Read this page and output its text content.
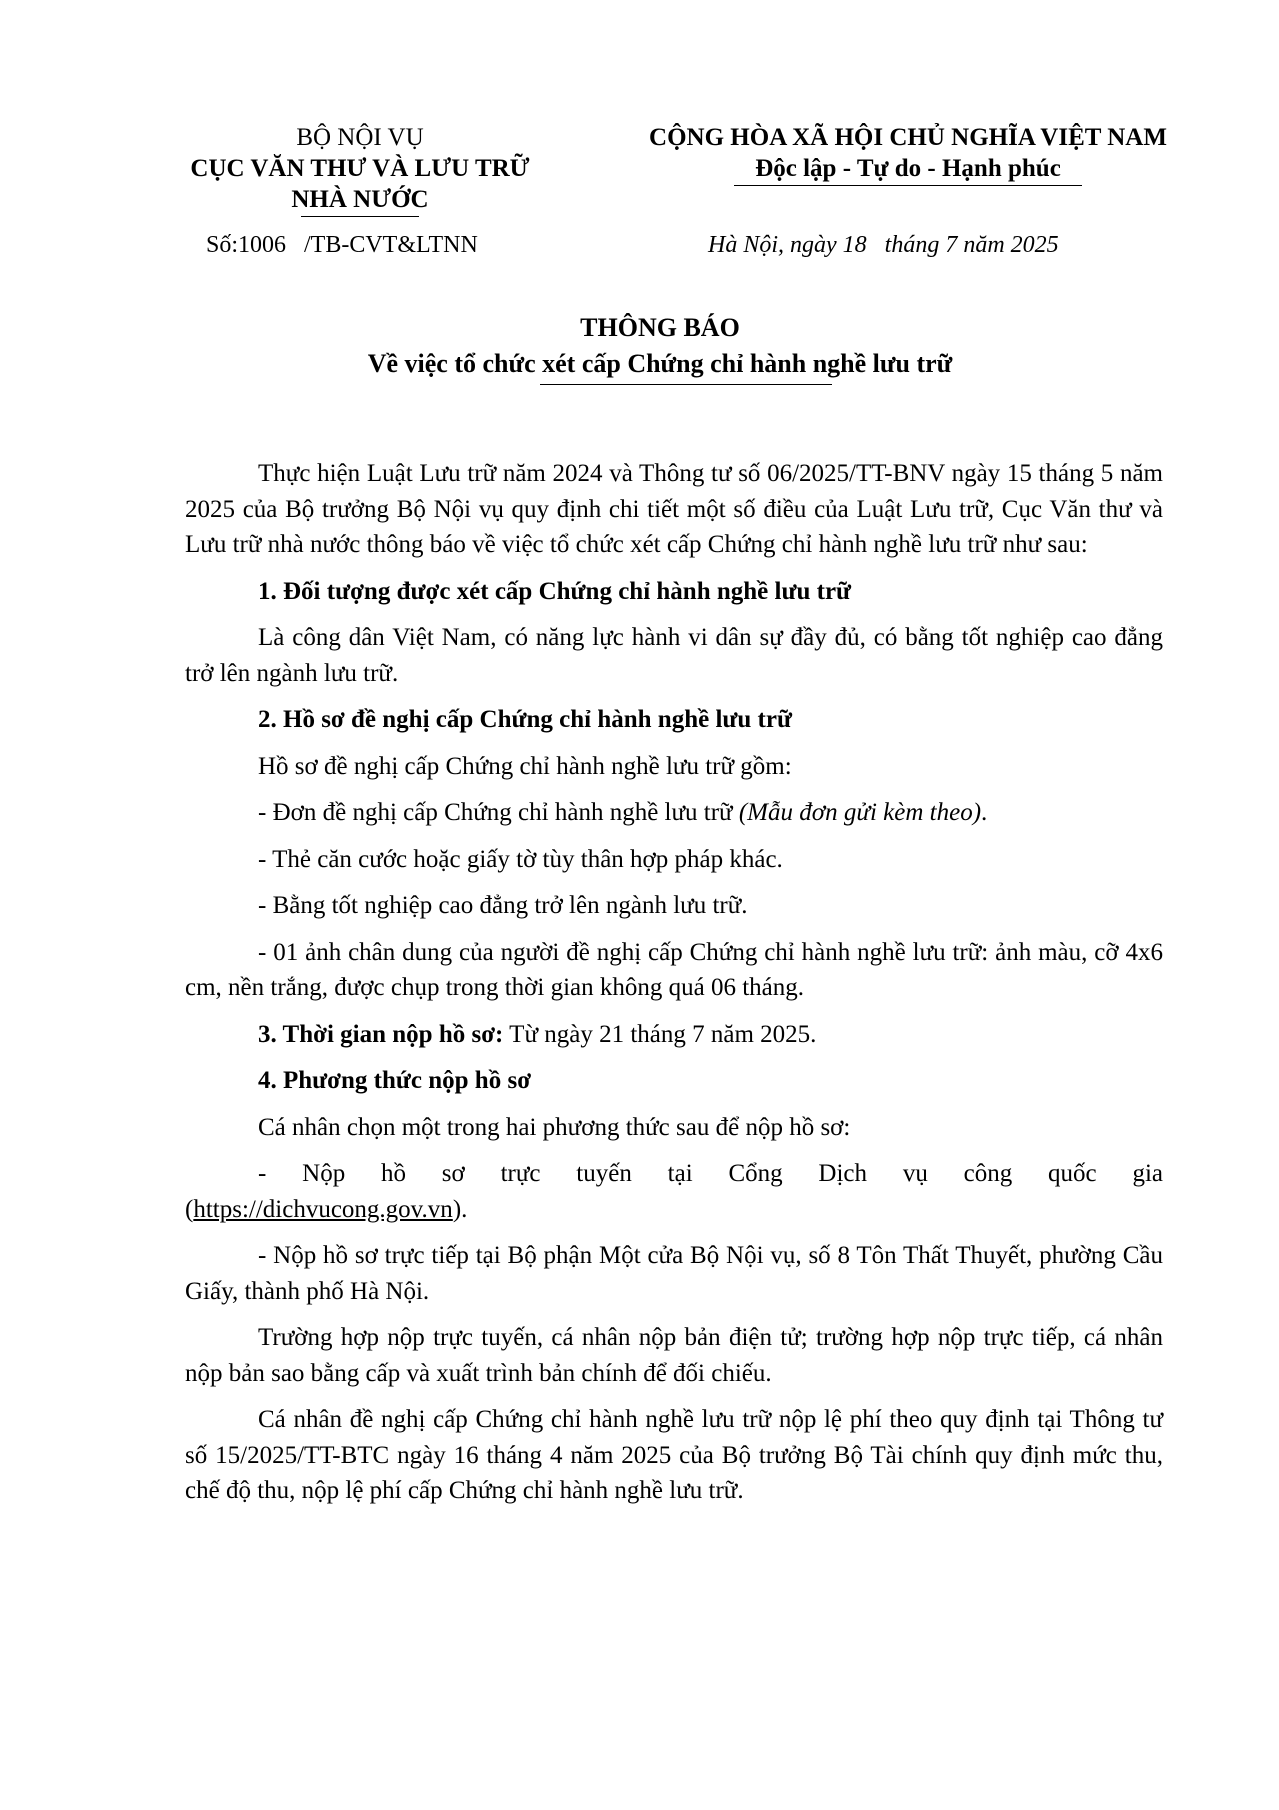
BỘ NỘI VỤ
CỤC VĂN THƯ VÀ LƯU TRỮ
NHÀ NƯỚC
CỘNG HÒA XÃ HỘI CHỦ NGHĨA VIỆT NAM
Độc lập - Tự do - Hạnh phúc
Số:1006   /TB-CVT&LTNN	Hà Nội, ngày 18   tháng 7 năm 2025
THÔNG BÁO
Về việc tổ chức xét cấp Chứng chỉ hành nghề lưu trữ

Thực hiện Luật Lưu trữ năm 2024 và Thông tư số 06/2025/TT-BNV ngày 15 tháng 5 năm 2025 của Bộ trưởng Bộ Nội vụ quy định chi tiết một số điều của Luật Lưu trữ, Cục Văn thư và Lưu trữ nhà nước thông báo về việc tổ chức xét cấp Chứng chỉ hành nghề lưu trữ như sau:

1. Đối tượng được xét cấp Chứng chỉ hành nghề lưu trữ

Là công dân Việt Nam, có năng lực hành vi dân sự đầy đủ, có bằng tốt nghiệp cao đẳng trở lên ngành lưu trữ.

2. Hồ sơ đề nghị cấp Chứng chỉ hành nghề lưu trữ

Hồ sơ đề nghị cấp Chứng chỉ hành nghề lưu trữ gồm:

- Đơn đề nghị cấp Chứng chỉ hành nghề lưu trữ (Mẫu đơn gửi kèm theo).

- Thẻ căn cước hoặc giấy tờ tùy thân hợp pháp khác.

- Bằng tốt nghiệp cao đẳng trở lên ngành lưu trữ.

- 01 ảnh chân dung của người đề nghị cấp Chứng chỉ hành nghề lưu trữ: ảnh màu, cỡ 4x6 cm, nền trắng, được chụp trong thời gian không quá 06 tháng.

3. Thời gian nộp hồ sơ: Từ ngày 21 tháng 7 năm 2025.

4. Phương thức nộp hồ sơ

Cá nhân chọn một trong hai phương thức sau để nộp hồ sơ:

- Nộp hồ sơ trực tuyến tại Cổng Dịch vụ công quốc gia
(https://dichvucong.gov.vn).

- Nộp hồ sơ trực tiếp tại Bộ phận Một cửa Bộ Nội vụ, số 8 Tôn Thất Thuyết, phường Cầu Giấy, thành phố Hà Nội.

Trường hợp nộp trực tuyến, cá nhân nộp bản điện tử; trường hợp nộp trực tiếp, cá nhân nộp bản sao bằng cấp và xuất trình bản chính để đối chiếu.

Cá nhân đề nghị cấp Chứng chỉ hành nghề lưu trữ nộp lệ phí theo quy định tại Thông tư số 15/2025/TT-BTC ngày 16 tháng 4 năm 2025 của Bộ trưởng Bộ Tài chính quy định mức thu, chế độ thu, nộp lệ phí cấp Chứng chỉ hành nghề lưu trữ.
